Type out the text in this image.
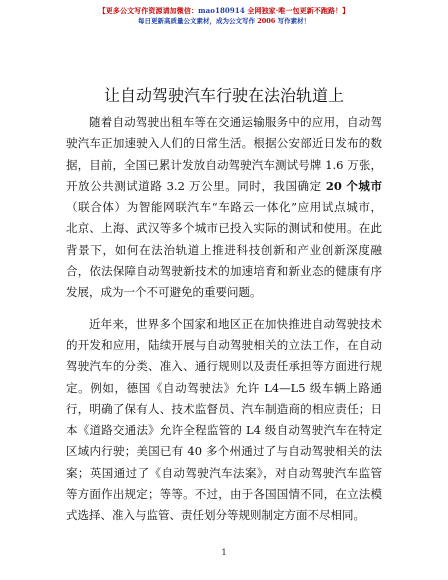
【更多公文写作资源请加微信：mao180914 全网独家·唯一包更新不跑路！】
每日更新高质量公文素材，成为公文写作 2006 写作素材！
让自动驾驶汽车行驶在法治轨道上
随着自动驾驶出租车等在交通运输服务中的应用，自动驾
驶汽车正加速驶入人们的日常生活。根据公安部近日发布的数
据，目前，全国已累计发放自动驾驶汽车测试号牌 1.6 万张，
开放公共测试道路 3.2 万公里。同时，我国确定 20 个城市
（联合体）为智能网联汽车“车路云一体化”应用试点城市，
北京、上海、武汉等多个城市已投入实际的测试和使用。在此
背景下，如何在法治轨道上推进科技创新和产业创新深度融
合，依法保障自动驾驶新技术的加速培育和新业态的健康有序
发展，成为一个不可避免的重要问题。
近年来，世界多个国家和地区正在加快推进自动驾驶技术
的开发和应用，陆续开展与自动驾驶相关的立法工作，在自动
驾驶汽车的分类、准入、通行规则以及责任承担等方面进行规
定。例如，德国《自动驾驶法》允许 L4—L5 级车辆上路通
行，明确了保有人、技术监督员、汽车制造商的相应责任；日
本《道路交通法》允许全程监管的 L4 级自动驾驶汽车在特定
区域内行驶；美国已有 40 多个州通过了与自动驾驶相关的法
案；英国通过了《自动驾驶汽车法案》，对自动驾驶汽车监管
等方面作出规定；等等。不过，由于各国国情不同，在立法模
式选择、准入与监管、责任划分等规则制定方面不尽相同。
1
